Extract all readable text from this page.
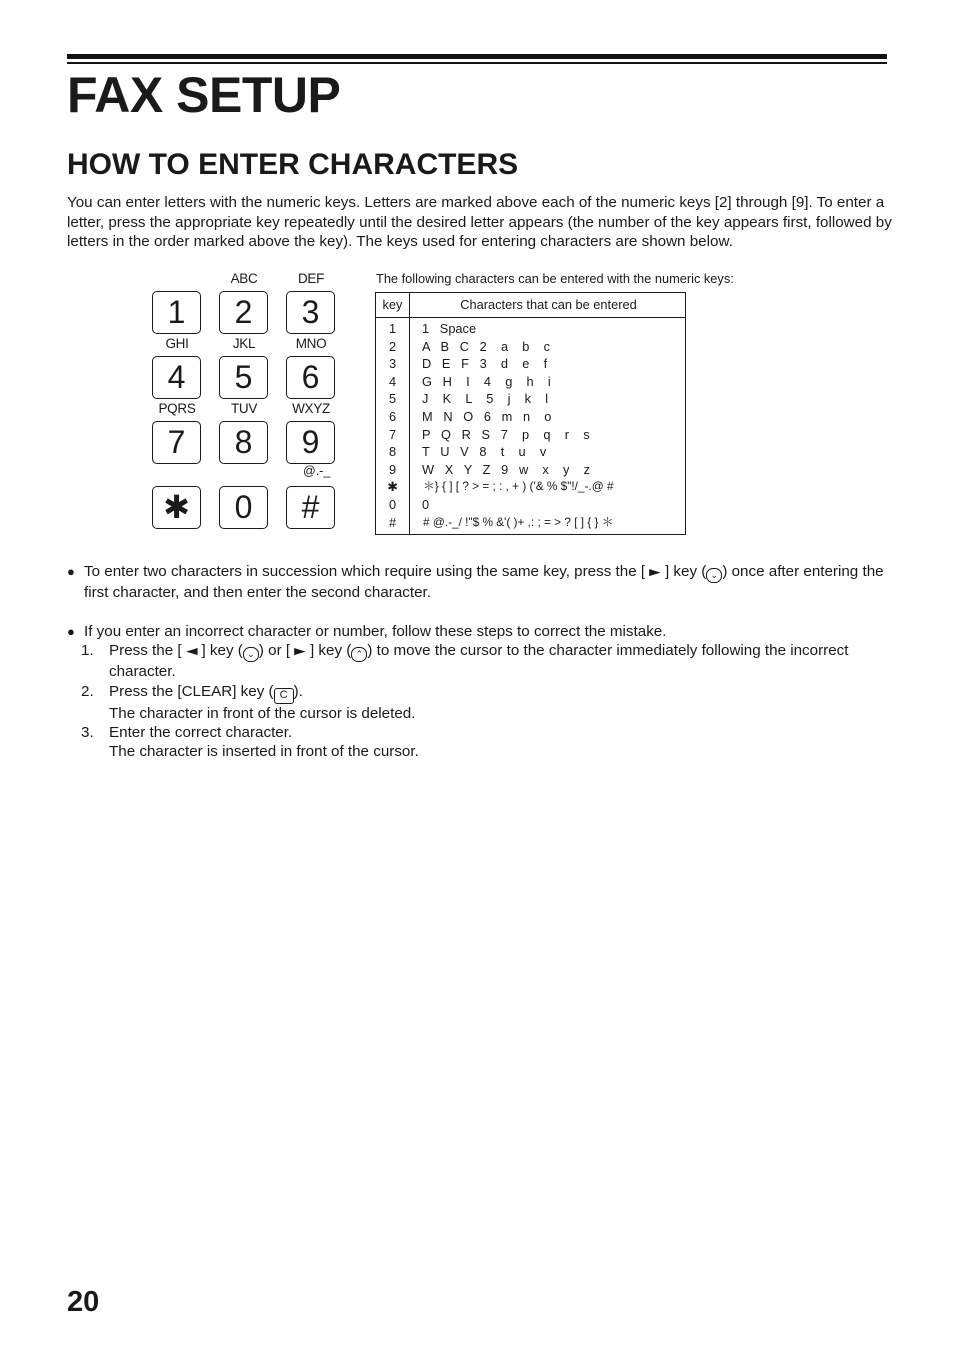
FAX SETUP
HOW TO ENTER CHARACTERS

You can enter letters with the numeric keys. Letters are marked above each of the numeric keys [2] through [9]. To enter a letter, press the appropriate key repeatedly until the desired letter appears (the number of the key appears first, followed by letters in the order marked above the key). The keys used for entering characters are shown below.

1
ABC
2
DEF
3
GHI
4
JKL
5
MNO
6
PQRS
7
TUV
8
WXYZ
9
✱	0	#
@.-_
The following characters can be entered with the numeric keys:
key	Characters that can be entered
1	1   Space
2	A   B   C   2    a    b    c
3	D   E   F   3    d    e    f
4	G   H    I    4    g    h    i
5	J    K    L    5    j    k    l
6	M   N   O   6   m   n    o
7	P   Q   R   S   7    p    q    r    s
8	T   U   V   8    t    u    v
9	W   X   Y   Z   9   w    x    y    z
✱	＊} { ] [ ? > = ; : , + ) ('& % $"!/_-.@ #
0	0
#	# @.-_/ !"$ % &'( )+ ,: ; = > ? [ ] { } ＊

● To enter two characters in succession which require using the same key, press the [►] key ( ⌄ ) once after entering the first character, and then enter the second character.

● If you enter an incorrect character or number, follow these steps to correct the mistake.
1. Press the [◄] key ( ⌄ ) or [►] key ( ⌃ ) to move the cursor to the character immediately following the incorrect character.
2. Press the [CLEAR] key ( C ).
The character in front of the cursor is deleted.
3. Enter the correct character.
The character is inserted in front of the cursor.

20
